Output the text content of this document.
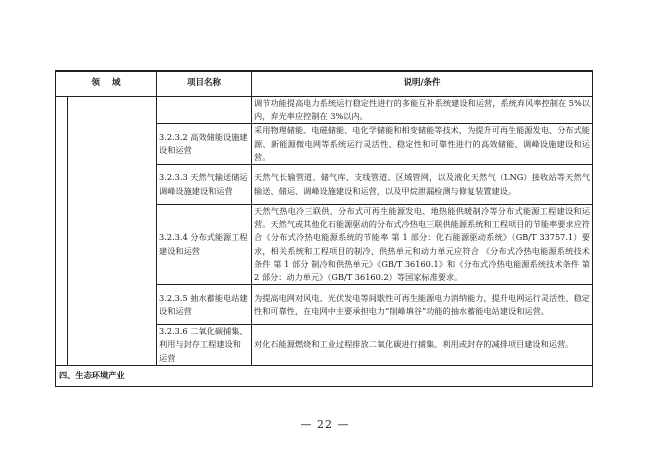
领域		项目名称	说明/条件
			调节功能提高电力系统运行稳定性进行的多能互补系统建设和运营，系统弃风率控制在 5%以内，弃光率应控制在 3%以内。
		3.2.3.2 高效储能设施建设和运营	采用物理储能、电磁储能、电化学储能和相变储能等技术，为提升可再生能源发电、分布式能源、新能源微电网等系统运行灵活性、稳定性和可靠性进行的高效储能、调峰设施建设和运营。
		3.2.3.3 天然气输送储运调峰设施建设和运营	天然气长输管道、储气库、支线管道、区域管网，以及液化天然气（LNG）接收站等天然气输送、储运、调峰设施建设和运营，以及甲烷泄漏检测与修复装置建设。
		3.2.3.4 分布式能源工程建设和运营	天然气热电冷三联供、分布式可再生能源发电、地热能供暖制冷等分布式能源工程建设和运营。天然气或其他化石能源驱动的分布式冷热电三联供能源系统和工程项目的节能率要求应符合《分布式冷热电能源系统的节能率 第 1 部分：化石能源驱动系统》（GB/T 33757.1）要求，相关系统和工程项目的制冷、供热单元和动力单元应符合 《分布式冷热电能源系统技术条件 第 1 部分 制冷和供热单元》《GB/T 36160.1》和《分布式冷热电能源系统技术条件 第 2 部分：动力单元》（GB/T 36160.2）等国家标准要求。
		3.2.3.5 抽水蓄能电站建设和运营	为提高电网对风电、光伏发电等间歇性可再生能源电力消纳能力，提升电网运行灵活性、稳定性和可靠性，在电网中主要承担电力“削峰填谷”功能的抽水蓄能电站建设和运营。
		3.2.3.6 二氧化碳捕集、利用与封存工程建设和运营	对化石能源燃烧和工业过程排放二氧化碳进行捕集、利用或封存的减排项目建设和运营。
四、生态环境产业			
— 22 —
